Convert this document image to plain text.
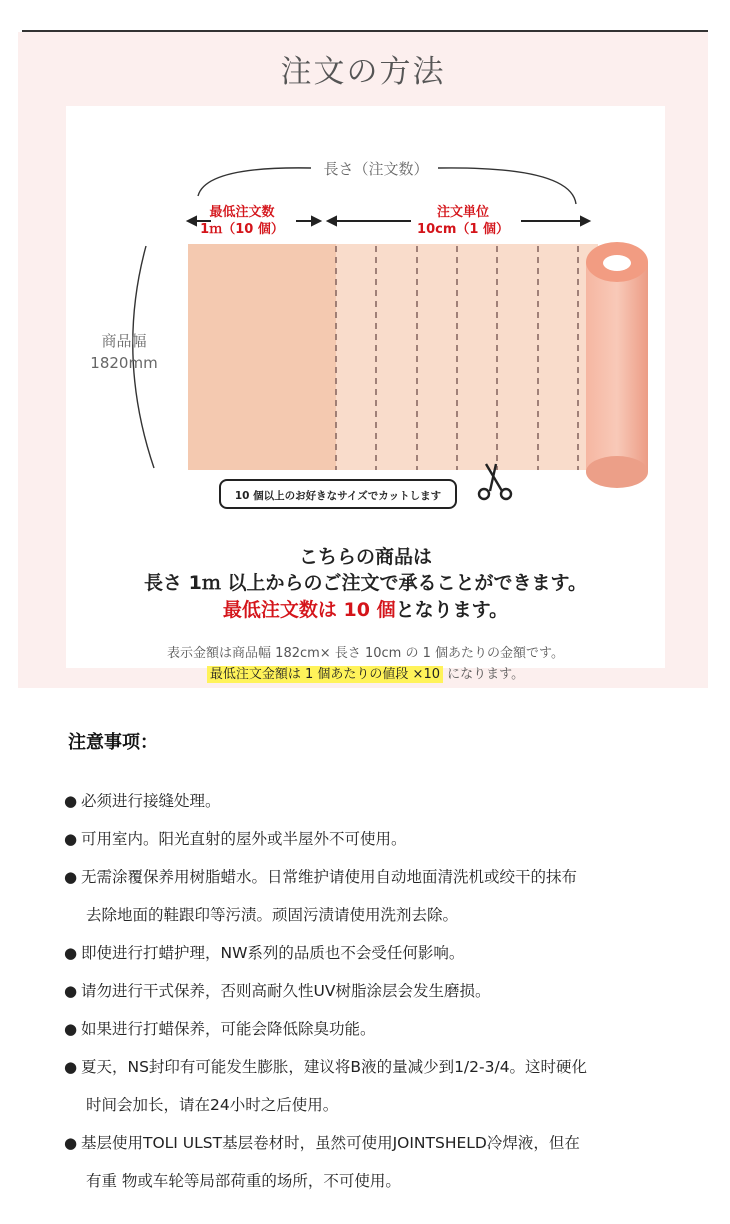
注文の方法
長さ（注文数）
商品幅
1820mm
最低注文数
1ｍ（10 個）
注文単位
10cm（1 個）
10 個以上のお好きなサイズでカットします
こちらの商品は
長さ 1ｍ 以上からのご注文で承ることができます。
最低注文数は 10 個となります。
表示金額は商品幅 182cm× 長さ 10cm の 1 個あたりの金額です。
最低注文金額は 1 個あたりの値段 ×10 になります。
注意事项：
● 必须进行接缝处理。
● 可用室内。阳光直射的屋外或半屋外不可使用。
● 无需涂覆保养用树脂蜡水。日常维护请使用自动地面清洗机或绞干的抹布
去除地面的鞋跟印等污渍。顽固污渍请使用洗剂去除。
● 即使进行打蜡护理，NW系列的品质也不会受任何影响。
● 请勿进行干式保养，否则高耐久性UV树脂涂层会发生磨损。
● 如果进行打蜡保养，可能会降低除臭功能。
● 夏天，NS封印有可能发生膨胀，建议将B液的量减少到1/2-3/4。这时硬化
时间会加长，请在24小时之后使用。
● 基层使用TOLI ULST基层卷材时，虽然可使用JOINTSHELD冷焊液，但在
有重 物或车轮等局部荷重的场所，不可使用。
